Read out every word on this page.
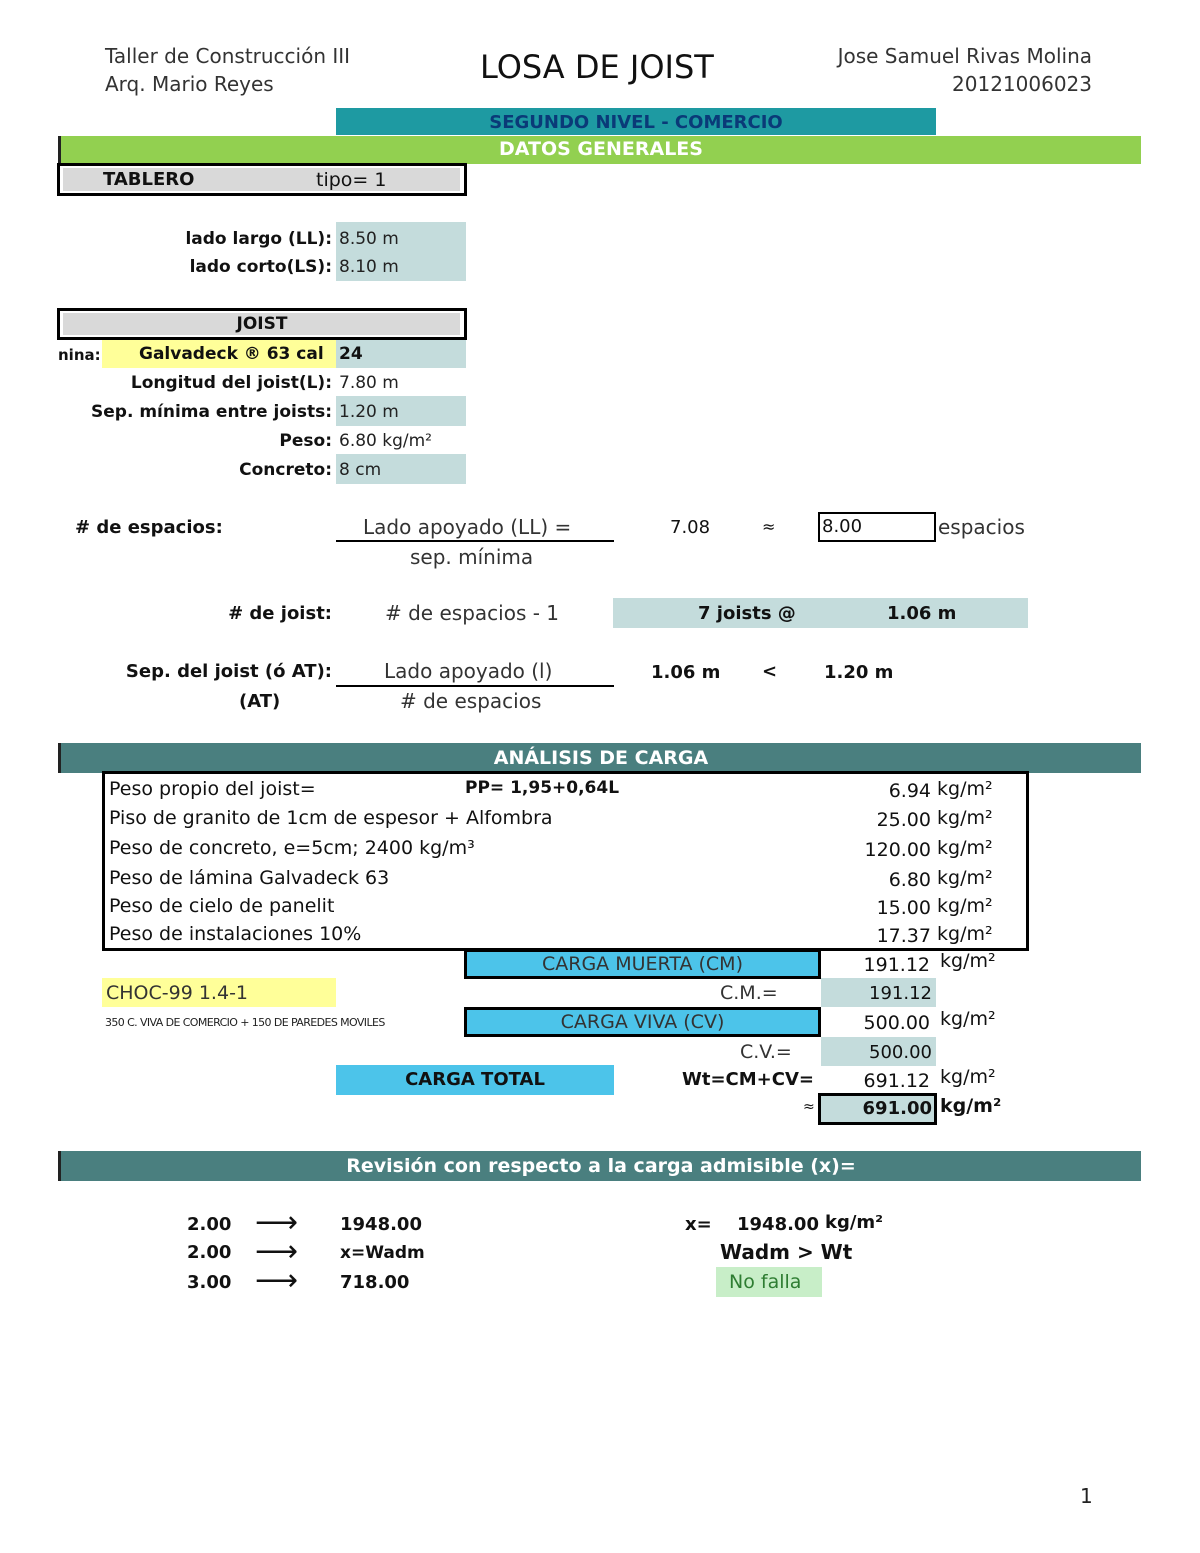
Taller de Construcción III
Arq. Mario Reyes	LOSA DE JOIST	Jose Samuel Rivas Molina
20121006023
SEGUNDO NIVEL - COMERCIO
DATOS GENERALES
TABLERO	tipo= 1
lado largo (LL): 8.50 m
lado corto(LS): 8.10 m
JOIST
nina: Galvadeck ® 63 cal 24
Longitud del joist(L): 7.80 m
Sep. mínima entre joists: 1.20 m
Peso: 6.80 kg/m²
Concreto: 8 cm
# de espacios:	Lado apoyado (LL) =
sep. mínima
7.08	≈	8.00	espacios
# de joist:	# de espacios - 1	7 joists @	1.06 m
Sep. del joist (ó AT):
(AT)
Lado apoyado (l)
# de espacios
1.06 m <	1.20 m
ANÁLISIS DE CARGA
Peso propio del joist=	PP= 1,95+0,64L	6.94 kg/m²
Piso de granito de 1cm de espesor + Alfombra	25.00 kg/m²
Peso de concreto, e=5cm; 2400 kg/m³	120.00 kg/m²
Peso de lámina Galvadeck 63	6.80 kg/m²
Peso de cielo de panelit	15.00 kg/m²
Peso de instalaciones 10%	17.37 kg/m²
CARGA MUERTA (CM)	191.12 kg/m²
CHOC-99 1.4-1	C.M.=	191.12
350 C. VIVA DE COMERCIO + 150 DE PAREDES MOVILES	CARGA VIVA (CV)	500.00 kg/m²
C.V.=	500.00
CARGA TOTAL	Wt=CM+CV=	691.12 kg/m²
≈	691.00 kg/m²
Revisión con respecto a la carga admisible (x)=
2.00 ⟶ 1948.00
2.00 ⟶ x=Wadm
3.00 ⟶ 718.00
x= 1948.00 kg/m²
Wadm > Wt
No falla
1
